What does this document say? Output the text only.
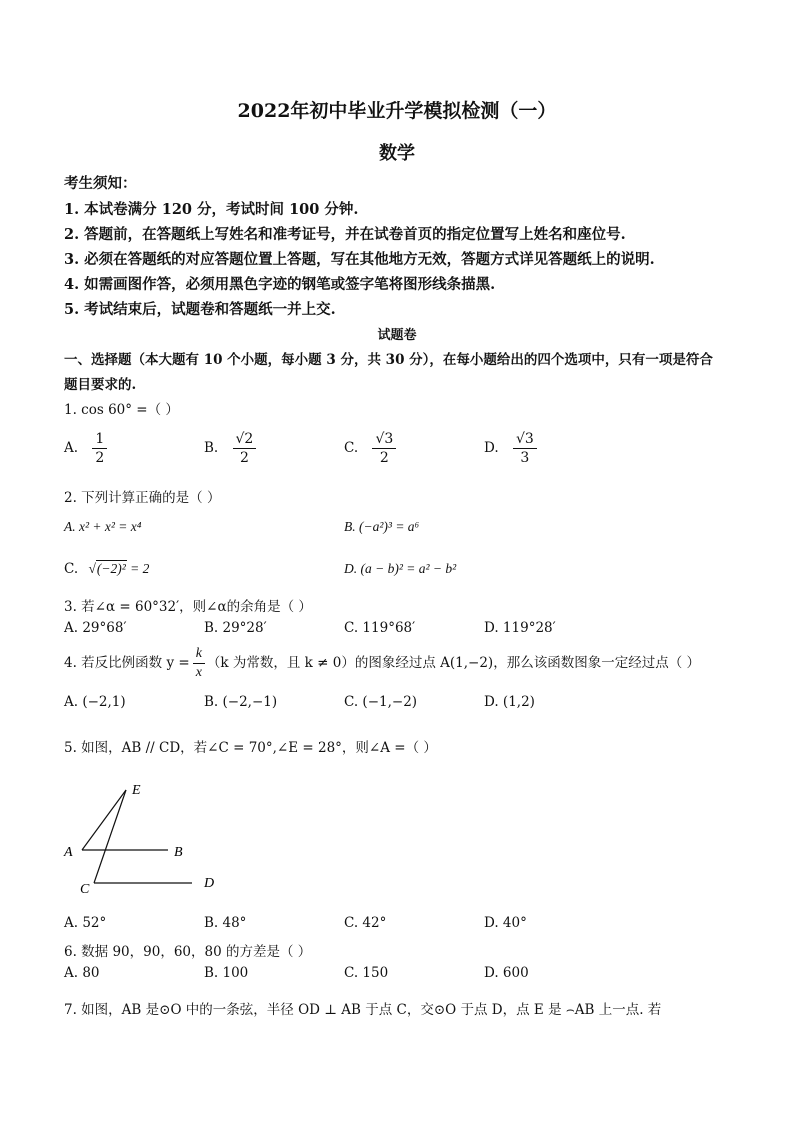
2022年初中毕业升学模拟检测（一）
数学
考生须知：
1. 本试卷满分 120 分，考试时间 100 分钟.
2. 答题前，在答题纸上写姓名和准考证号，并在试卷首页的指定位置写上姓名和座位号.
3. 必须在答题纸的对应答题位置上答题，写在其他地方无效，答题方式详见答题纸上的说明.
4. 如需画图作答，必须用黑色字迹的钢笔或签字笔将图形线条描黑.
5. 考试结束后，试题卷和答题纸一并上交.
试题卷
一、选择题（本大题有 10 个小题，每小题 3 分，共 30 分），在每小题给出的四个选项中，只有一项是符合
题目要求的.
1. cos 60° =（ ）
A. $\frac{1}{2}$	B. $\frac{√2}{2}$	C. $\frac{√3}{2}$	D. $\frac{√3}{3}$
2. 下列计算正确的是（ ）
A. x² + x² = x⁴	B. (−a²)³ = a⁶
C. √(−2)² = 2	D. (a − b)² = a² − b²
3. 若∠α = 60°32′，则∠α的余角是（ ）
A. 29°68′	B. 29°28′	C. 119°68′	D. 119°28′
4. 若反比例函数 $y = \frac{k}{x} (k$ 为常数，且 k ≠ 0）的图象经过点 A(1,−2)，那么该函数图象一定经过点（ ）
A. (−2,1)	B. (−2,−1)	C. (−1,−2)	D. (1,2)
5. 如图，AB // CD，若∠C = 70°,∠E = 28°，则∠A =（ ）
E
A	B
C	D
A. 52°	B. 48°	C. 42°	D. 40°
6. 数据 90，90，60，80 的方差是（ ）
A. 80	B. 100	C. 150	D. 600
7. 如图，AB 是⊙O 中的一条弦，半径 OD ⊥ AB 于点 C，交⊙O 于点 D，点 E 是 ⌢AB 上一点. 若
